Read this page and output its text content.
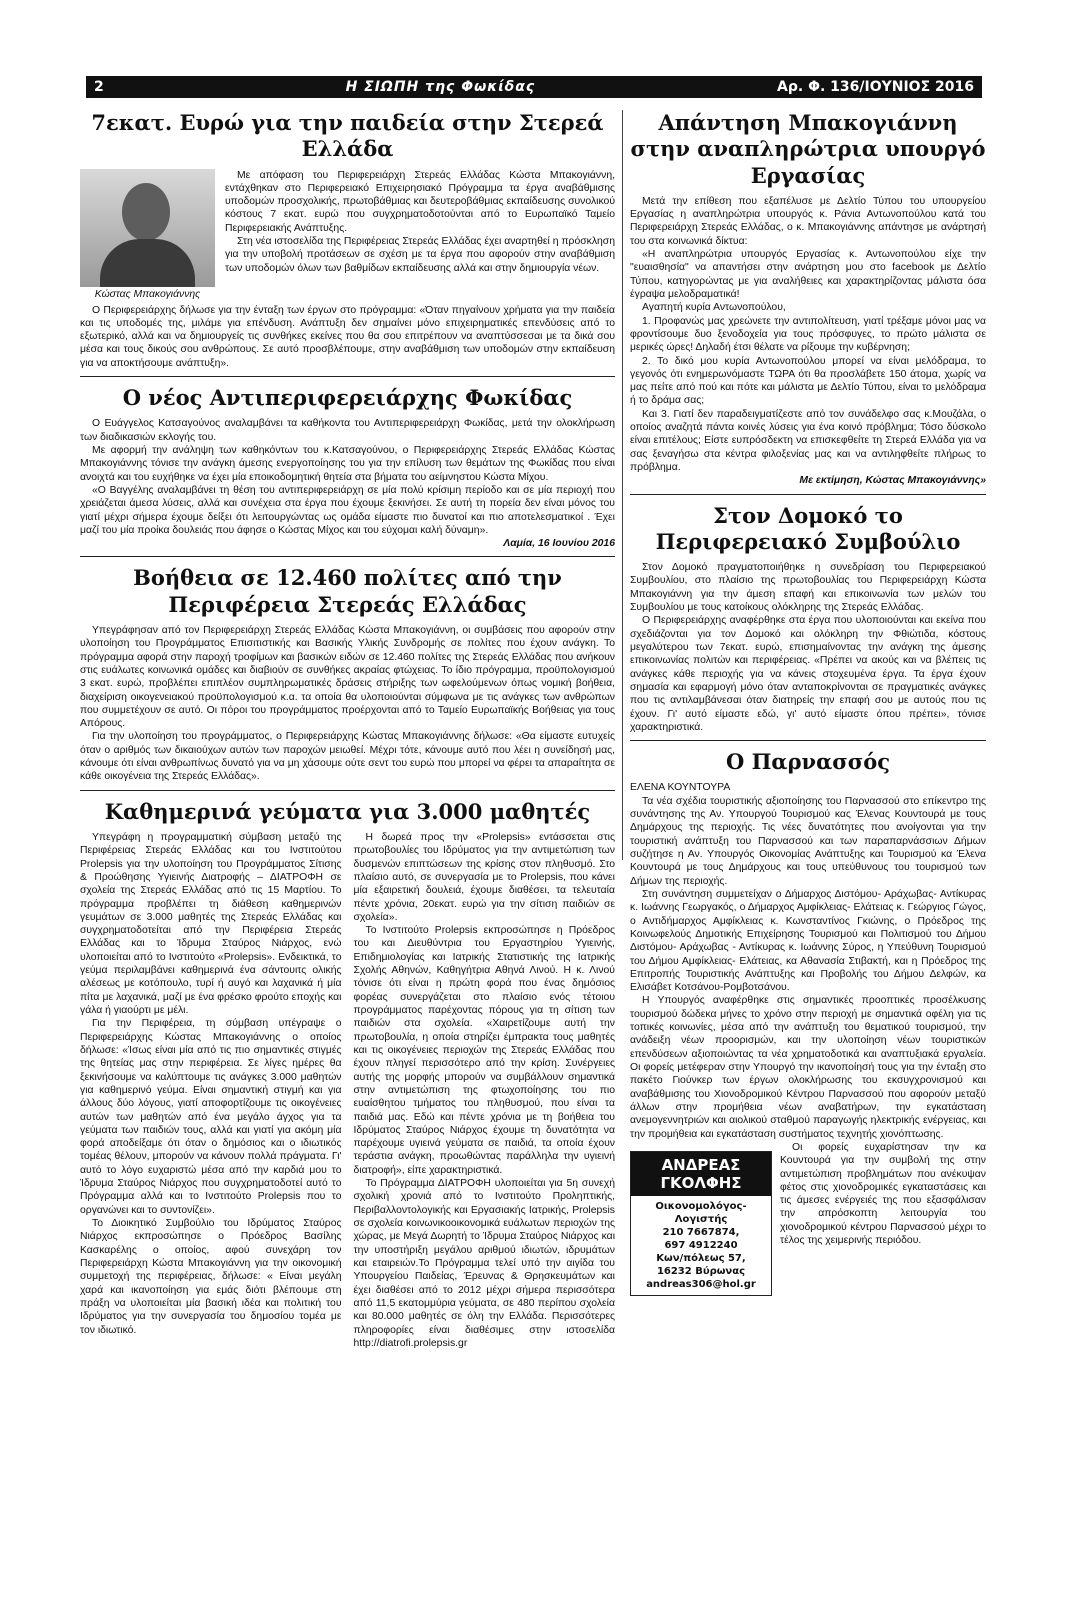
2	Η ΣΙΩΠΗ της Φωκίδας	Αρ. Φ. 136/ΙΟΥΝΙΟΣ 2016
7εκατ. Ευρώ για την παιδεία στην Στερεά Ελλάδα
Κώστας Μπακογιάννης

Με απόφαση του Περιφερειάρχη Στερεάς Ελλάδας Κώστα Μπακογιάννη, εντάχθηκαν στο Περιφερειακό Επιχειρησιακό Πρόγραμμα τα έργα αναβάθμισης υποδομών προσχολικής, πρωτοβάθμιας και δευτεροβάθμιας εκπαίδευσης συνολικού κόστους 7 εκατ. ευρώ που συγχρηματοδοτούνται από το Ευρωπαϊκό Ταμείο Περιφερειακής Ανάπτυξης.

Στη νέα ιστοσελίδα της Περιφέρειας Στερεάς Ελλάδας έχει αναρτηθεί η πρόσκληση για την υποβολή προτάσεων σε σχέση με τα έργα που αφορούν στην αναβάθμιση των υποδομών όλων των βαθμίδων εκπαίδευσης αλλά και στην δημιουργία νέων.

Ο Περιφερειάρχης δήλωσε για την ένταξη των έργων στο πρόγραμμα: «Όταν πηγαίνουν χρήματα για την παιδεία και τις υποδομές της, μιλάμε για επένδυση. Ανάπτυξη δεν σημαίνει μόνο επιχειρηματικές επενδύσεις από το εξωτερικό, αλλά και να δημιουργείς τις συνθήκες εκείνες που θα σου επιτρέπουν να αναπτύσσεσαι με τα δικά σου μέσα και τους δικούς σου ανθρώπους. Σε αυτό προσβλέπουμε, στην αναβάθμιση των υποδομών στην εκπαίδευση για να αποκτήσουμε ανάπτυξη».

Ο νέος Αντιπεριφερειάρχης Φωκίδας

Ο Ευάγγελος Κατσαγούνος αναλαμβάνει τα καθήκοντα του Αντιπεριφερειάρχη Φωκίδας, μετά την ολοκλήρωση των διαδικασιών εκλογής του.

Με αφορμή την ανάληψη των καθηκόντων του κ.Κατσαγούνου, ο Περιφερειάρχης Στερεάς Ελλάδας Κώστας Μπακογιάννης τόνισε την ανάγκη άμεσης ενεργοποίησης του για την επίλυση των θεμάτων της Φωκίδας που είναι ανοιχτά και του ευχήθηκε να έχει μία εποικοδομητική θητεία στα βήματα του αείμνηστου Κώστα Μίχου.

«Ο Βαγγέλης αναλαμβάνει τη θέση του αντιπεριφερειάρχη σε μία πολύ κρίσιμη περίοδο και σε μία περιοχή που χρειάζεται άμεσα λύσεις, αλλά και συνέχεια στα έργα που έχουμε ξεκινήσει. Σε αυτή τη πορεία δεν είναι μόνος του γιατί μέχρι σήμερα έχουμε δείξει ότι λειτουργώντας ως ομάδα είμαστε πιο δυνατοί και πιο αποτελεσματικοί . Έχει μαζί του μία προίκα δουλειάς που άφησε ο Κώστας Μίχος και του εύχομαι καλή δύναμη».

Λαμία, 16 Ιουνίου 2016

Βοήθεια σε 12.460 πολίτες από την Περιφέρεια Στερεάς Ελλάδας

Υπεγράφησαν από τον Περιφερειάρχη Στερεάς Ελλάδας Κώστα Μπακογιάννη, οι συμβάσεις που αφορούν στην υλοποίηση του Προγράμματος Επισιτιστικής και Βασικής Υλικής Συνδρομής σε πολίτες που έχουν ανάγκη. Το πρόγραμμα αφορά στην παροχή τροφίμων και βασικών ειδών σε 12.460 πολίτες της Στερεάς Ελλάδας που ανήκουν στις ευάλωτες κοινωνικά ομάδες και διαβιούν σε συνθήκες ακραίας φτώχειας. Το ίδιο πρόγραμμα, προϋπολογισμού 3 εκατ. ευρώ, προβλέπει επιπλέον συμπληρωματικές δράσεις στήριξης των ωφελούμενων όπως νομική βοήθεια, διαχείριση οικογενειακού προϋπολογισμού κ.α. τα οποία θα υλοποιούνται σύμφωνα με τις ανάγκες των ανθρώπων που συμμετέχουν σε αυτό. Οι πόροι του προγράμματος προέρχονται από το Ταμείο Ευρωπαϊκής Βοήθειας για τους Απόρους.

Για την υλοποίηση του προγράμματος, ο Περιφερειάρχης Κώστας Μπακογιάννης δήλωσε: «Θα είμαστε ευτυχείς όταν ο αριθμός των δικαιούχων αυτών των παροχών μειωθεί. Μέχρι τότε, κάνουμε αυτό που λέει η συνείδησή μας, κάνουμε ότι είναι ανθρωπίνως δυνατό για να μη χάσουμε ούτε σεντ του ευρώ που μπορεί να φέρει τα απαραίτητα σε κάθε οικογένεια της Στερεάς Ελλάδας».

Καθημερινά γεύματα για 3.000 μαθητές

Υπεγράφη η προγραμματική σύμβαση μεταξύ της Περιφέρειας Στερεάς Ελλάδας και του Ινστιτούτου Prolepsis για την υλοποίηση του Προγράμματος Σίτισης & Προώθησης Υγιεινής Διατροφής – ΔΙΑΤΡΟΦΗ σε σχολεία της Στερεάς Ελλάδας από τις 15 Μαρτίου. Το πρόγραμμα προβλέπει τη διάθεση καθημερινών γευμάτων σε 3.000 μαθητές της Στερεάς Ελλάδας και συγχρηματοδοτείται από την Περιφέρεια Στερεάς Ελλάδας και το Ίδρυμα Σταύρος Νιάρχος, ενώ υλοποιείται από το Ινστιτούτο «Prolepsis». Ενδεικτικά, το γεύμα περιλαμβάνει καθημερινά ένα σάντουιτς ολικής αλέσεως με κοτόπουλο, τυρί ή αυγό και λαχανικά ή μία πίτα με λαχανικά, μαζί με ένα φρέσκο φρούτο εποχής και γάλα ή γιαούρτι με μέλι.

Για την Περιφέρεια, τη σύμβαση υπέγραψε ο Περιφερειάρχης Κώστας Μπακογιάννης ο οποίος δήλωσε: «Ίσως είναι μία από τις πιο σημαντικές στιγμές της θητείας μας στην περιφέρεια. Σε λίγες ημέρες θα ξεκινήσουμε να καλύπτουμε τις ανάγκες 3.000 μαθητών για καθημερινό γεύμα. Είναι σημαντική στιγμή και για άλλους δύο λόγους, γιατί αποφορτίζουμε τις οικογένειες αυτών των μαθητών από ένα μεγάλο άγχος για τα γεύματα των παιδιών τους, αλλά και γιατί για ακόμη μία φορά αποδείξαμε ότι όταν ο δημόσιος και ο ιδιωτικός τομέας θέλουν, μπορούν να κάνουν πολλά πράγματα. Γι' αυτό το λόγο ευχαριστώ μέσα από την καρδιά μου το Ίδρυμα Σταύρος Νιάρχος που συγχρηματοδοτεί αυτό το Πρόγραμμα αλλά και το Ινστιτούτο Prolepsis που το οργανώνει και το συντονίζει».

Το Διοικητικό Συμβούλιο του Ιδρύματος Σταύρος Νιάρχος εκπροσώπησε ο Πρόεδρος Βασίλης Κασκαρέλης ο οποίος, αφού συνεχάρη τον Περιφερειάρχη Κώστα Μπακογιάννη για την οικονομική συμμετοχή της περιφέρειας, δήλωσε: « Είναι μεγάλη χαρά και ικανοποίηση για εμάς διότι βλέπουμε στη πράξη να υλοποιείται μία βασική ιδέα και πολιτική του Ιδρύματος για την συνεργασία του δημοσίου τομέα με τον ιδιωτικό.

Η δωρεά προς την «Prolepsis» εντάσσεται στις πρωτοβουλίες του Ιδρύματος για την αντιμετώπιση των δυσμενών επιπτώσεων της κρίσης στον πληθυσμό. Στο πλαίσιο αυτό, σε συνεργασία με το Prolepsis, που κάνει μία εξαιρετική δουλειά, έχουμε διαθέσει, τα τελευταία πέντε χρόνια, 20εκατ. ευρώ για την σίτιση παιδιών σε σχολεία».

Το Ινστιτούτο Prolepsis εκπροσώπησε η Πρόεδρος του και Διευθύντρια του Εργαστηρίου Υγιεινής, Επιδημιολογίας και Ιατρικής Στατιστικής της Ιατρικής Σχολής Αθηνών, Καθηγήτρια Αθηνά Λινού. Η κ. Λινού τόνισε ότι είναι η πρώτη φορά που ένας δημόσιος φορέας συνεργάζεται στο πλαίσιο ενός τέτοιου προγράμματος παρέχοντας πόρους για τη σίτιση των παιδιών στα σχολεία. «Χαιρετίζουμε αυτή την πρωτοβουλία, η οποία στηρίζει έμπρακτα τους μαθητές και τις οικογένειες περιοχών της Στερεάς Ελλάδας που έχουν πληγεί περισσότερο από την κρίση. Συνέργειες αυτής της μορφής μπορούν να συμβάλλουν σημαντικά στην αντιμετώπιση της φτωχοποίησης του πιο ευαίσθητου τμήματος του πληθυσμού, που είναι τα παιδιά μας. Εδώ και πέντε χρόνια με τη βοήθεια του Ιδρύματος Σταύρος Νιάρχος έχουμε τη δυνατότητα να παρέχουμε υγιεινά γεύματα σε παιδιά, τα οποία έχουν τεράστια ανάγκη, προωθώντας παράλληλα την υγιεινή διατροφή», είπε χαρακτηριστικά.

Το Πρόγραμμα ΔΙΑΤΡΟΦΗ υλοποιείται για 5η συνεχή σχολική χρονιά από το Ινστιτούτο Προληπτικής, Περιβαλλοντολογικής και Εργασιακής Ιατρικής, Prolepsis σε σχολεία κοινωνικοοικονομικά ευάλωτων περιοχών της χώρας, με Μεγά Δωρητή το Ίδρυμα Σταύρος Νιάρχος και την υποστήριξη μεγάλου αριθμού ιδιωτών, ιδρυμάτων και εταιρειών.Το Πρόγραμμα τελεί υπό την αιγίδα του Υπουργείου Παιδείας, Έρευνας & Θρησκευμάτων και έχει διαθέσει από το 2012 μέχρι σήμερα περισσότερα από 11,5 εκατομμύρια γεύματα, σε 480 περίπου σχολεία και 80.000 μαθητές σε όλη την Ελλάδα. Περισσότερες πληροφορίες είναι διαθέσιμες στην ιστοσελίδα http://diatrofi.prolepsis.gr

Απάντηση Μπακογιάννη στην αναπληρώτρια υπουργό Εργασίας

Μετά την επίθεση που εξαπέλυσε με Δελτίο Τύπου του υπουργείου Εργασίας η αναπληρώτρια υπουργός κ. Ράνια Αντωνοπούλου κατά του Περιφερειάρχη Στερεάς Ελλάδας, ο κ. Μπακογιάννης απάντησε με ανάρτησή του στα κοινωνικά δίκτυα:

«Η αναπληρώτρια υπουργός Εργασίας κ. Αντωνοπούλου είχε την "ευαισθησία" να απαντήσει στην ανάρτηση μου στο facebook με Δελτίο Τύπου, κατηγορώντας με για αναλήθειες και χαρακτηρίζοντας μάλιστα όσα έγραψα μελοδραματικά!

Αγαπητή κυρία Αντωνοπούλου,

1. Προφανώς μας χρεώνετε την αντιπολίτευση, γιατί τρέξαμε μόνοι μας να φροντίσουμε δυο ξενοδοχεία για τους πρόσφυγες, το πρώτο μάλιστα σε μερικές ώρες! Δηλαδή έτσι θέλατε να ρίξουμε την κυβέρνηση;

2. Το δικό μου κυρία Αντωνοπούλου μπορεί να είναι μελόδραμα, το γεγονός ότι ενημερωνόμαστε ΤΩΡΑ ότι θα προσλάβετε 150 άτομα, χωρίς να μας πείτε από πού και πότε και μάλιστα με Δελτίο Τύπου, είναι το μελόδραμα ή το δράμα σας;

Και 3. Γιατί δεν παραδειγματίζεστε από τον συνάδελφο σας κ.Μουζάλα, ο οποίος αναζητά πάντα κοινές λύσεις για ένα κοινό πρόβλημα; Τόσο δύσκολο είναι επιτέλους; Είστε ευπρόσδεκτη να επισκεφθείτε τη Στερεά Ελλάδα για να σας ξεναγήσω στα κέντρα φιλοξενίας μας και να αντιληφθείτε πλήρως το πρόβλημα.

Με εκτίμηση, Κώστας Μπακογιάννης»

Στον Δομοκό το Περιφερειακό Συμβούλιο

Στον Δομοκό πραγματοποιήθηκε η συνεδρίαση του Περιφερειακού Συμβουλίου, στο πλαίσιο της πρωτοβουλίας του Περιφερειάρχη Κώστα Μπακογιάννη για την άμεση επαφή και επικοινωνία των μελών του Συμβουλίου με τους κατοίκους ολόκληρης της Στερεάς Ελλάδας.

Ο Περιφερειάρχης αναφέρθηκε στα έργα που υλοποιούνται και εκείνα που σχεδιάζονται για τον Δομοκό και ολόκληρη την Φθιώτιδα, κόστους μεγαλύτερου των 7εκατ. ευρώ, επισημαίνοντας την ανάγκη της άμεσης επικοινωνίας πολιτών και περιφέρειας. «Πρέπει να ακούς και να βλέπεις τις ανάγκες κάθε περιοχής για να κάνεις στοχευμένα έργα. Τα έργα έχουν σημασία και εφαρμογή μόνο όταν ανταποκρίνονται σε πραγματικές ανάγκες που τις αντιλαμβάνεσαι όταν διατηρείς την επαφή σου με αυτούς που τις έχουν. Γι' αυτό είμαστε εδώ, γι' αυτό είμαστε όπου πρέπει», τόνισε χαρακτηριστικά.

Ο Παρνασσός

ΕΛΕΝΑ ΚΟΥΝΤΟΥΡΑ

Τα νέα σχέδια τουριστικής αξιοποίησης του Παρνασσού στο επίκεντρο της συνάντησης της Αν. Υπουργού Τουρισμού κας Έλενας Κουντουρά με τους Δημάρχους της περιοχής. Τις νέες δυνατότητες που ανοίγονται για την τουριστική ανάπτυξη του Παρνασσού και των παραπαρνάσσιων Δήμων συζήτησε η Αν. Υπουργός Οικονομίας Ανάπτυξης και Τουρισμού κα Έλενα Κουντουρά με τους Δημάρχους και τους υπεύθυνους του τουρισμού των Δήμων της περιοχής.

Στη συνάντηση συμμετείχαν ο Δήμαρχος Διστόμου- Αράχωβας- Αντίκυρας κ. Ιωάννης Γεωργακός, ο Δήμαρχος Αμφίκλειας- Ελάτειας κ. Γεώργιος Γώγος, ο Αντιδήμαρχος Αμφίκλειας κ. Κωνσταντίνος Γκιώνης, ο Πρόεδρος της Κοινωφελούς Δημοτικής Επιχείρησης Τουρισμού και Πολιτισμού του Δήμου Διστόμου- Αράχωβας - Αντίκυρας κ. Ιωάννης Σύρος, η Υπεύθυνη Τουρισμού του Δήμου Αμφίκλειας- Ελάτειας, κα Αθανασία Στιβακτή, και η Πρόεδρος της Επιτροπής Τουριστικής Ανάπτυξης και Προβολής του Δήμου Δελφών, κα Ελισάβετ Κοτσάνου-Ρομβοτσάνου.

Η Υπουργός αναφέρθηκε στις σημαντικές προοπτικές προσέλκυσης τουρισμού δώδεκα μήνες το χρόνο στην περιοχή με σημαντικά οφέλη για τις τοπικές κοινωνίες, μέσα από την ανάπτυξη του θεματικού τουρισμού, την ανάδειξη νέων προορισμών, και την υλοποίηση νέων τουριστικών επενδύσεων αξιοποιώντας τα νέα χρηματοδοτικά και αναπτυξιακά εργαλεία. Οι φορείς μετέφεραν στην Υπουργό την ικανοποίησή τους για την ένταξη στο πακέτο Γιούνκερ των έργων ολοκλήρωσης του εκσυγχρονισμού και αναβάθμισης του Χιονοδρομικού Κέντρου Παρνασσού που αφορούν μεταξύ άλλων στην προμήθεια νέων αναβατήρων, την εγκατάσταση ανεμογεννητριών και αιολικού σταθμού παραγωγής ηλεκτρικής ενέργειας, και την προμήθεια και εγκατάσταση συστήματος τεχνητής χιονόπτωσης.

ΑΝΔΡΕΑΣ ΓΚΟΛΦΗΣ
Οικονομολόγος-Λογιστής
210 7667874,
697 4912240
Κων/πόλεως 57,
16232 Βύρωνας
andreas306@hol.gr

Οι φορείς ευχαρίστησαν την κα Κουντουρά για την συμβολή της στην αντιμετώπιση προβλημάτων που ανέκυψαν φέτος στις χιονοδρομικές εγκαταστάσεις και τις άμεσες ενέργειές της που εξασφάλισαν την απρόσκοπτη λειτουργία του χιονοδρομικού κέντρου Παρνασσού μέχρι το τέλος της χειμερινής περιόδου.
